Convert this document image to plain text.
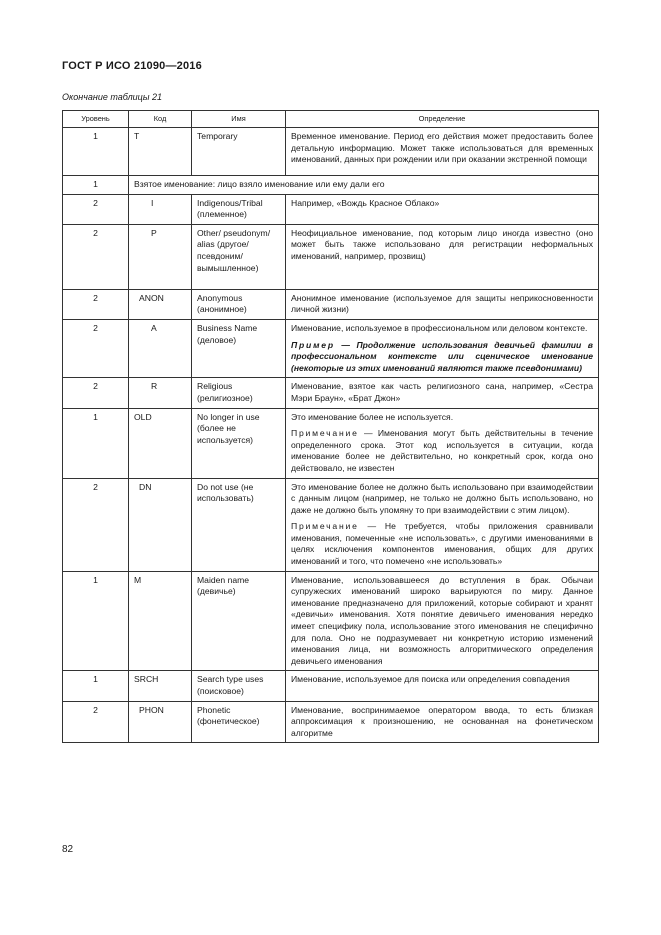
ГОСТ Р ИСО 21090—2016
Окончание таблицы 21
Уровень	Код	Имя	Определение
1	T	Temporary	Временное именование. Период его действия может предоставить более детальную информацию. Может также использоваться для временных именований, данных при рождении или при оказании экстренной помощи

1	Взятое именование: лицо взяло именование или ему дали его		
2	I	Indigenous/Tribal (племенное)	Например, «Вождь Красное Облако»

2	P	Other/ pseudonym/ alias (другое/ псевдоним/ вымышленное)	Неофициальное именование, под которым лицо иногда известно (оно может быть также использовано для регистрации неформальных именований, например, прозвищ)

2	ANON	Anonymous (анонимное)	Анонимное именование (используемое для защиты неприкосновенности личной жизни)

2	A	Business Name (деловое)	Именование, используемое в профессиональном или деловом контексте.

Пример — Продолжение использования девичьей фамилии в профессиональном контексте или сценическое именование (некоторые из этих именований являются также псевдонимами)

2	R	Religious (религиозное)	Именование, взятое как часть религиозного сана, например, «Сестра Мэри Браун», «Брат Джон»

1	OLD	No longer in use (более не используется)	Это именование более не используется.

Примечание — Именования могут быть действительны в течение определенного срока. Этот код используется в ситуации, когда именование более не действительно, но конкретный срок, когда оно действовало, не известен

2	DN	Do not use (не использовать)	Это именование более не должно быть использовано при взаимодействии с данным лицом (например, не только не должно быть использовано, но даже не должно быть упомяну то при взаимодействии с этим лицом).

Примечание — Не требуется, чтобы приложения сравнивали именования, помеченные «не использовать», с другими именованиями в целях исключения компонентов именования, общих для других именований и того, что помечено «не использовать»

1	M	Maiden name (девичье)	Именование, использовавшееся до вступления в брак. Обычаи супружеских именований широко варьируются по миру. Данное именование предназначено для приложений, которые собирают и хранят «девичьи» именования. Хотя понятие девичьего именования нередко имеет специфику пола, использование этого именования не специфично для пола. Оно не подразумевает ни конкретную историю изменений именования лица, ни возможность алгоритмического определения девичьего именования

1	SRCH	Search type uses (поисковое)	Именование, используемое для поиска или определения совпадения

2	PHON	Phonetic (фонетическое)	Именование, воспринимаемое оператором ввода, то есть близкая аппроксимация к произношению, не основанная на фонетическом алгоритме

82
